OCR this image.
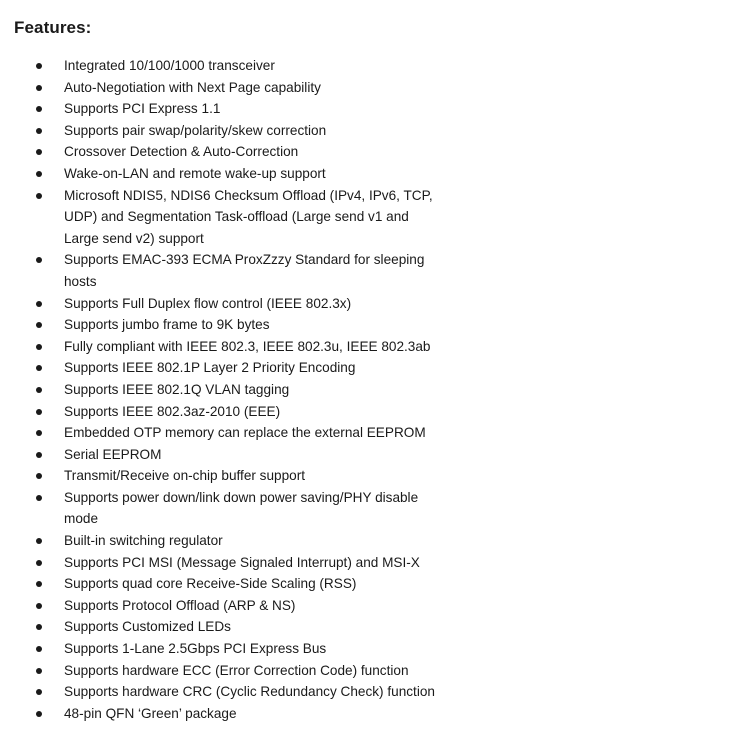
Features:
Integrated 10/100/1000 transceiver
Auto-Negotiation with Next Page capability
Supports PCI Express 1.1
Supports pair swap/polarity/skew correction
Crossover Detection & Auto-Correction
Wake-on-LAN and remote wake-up support
Microsoft NDIS5, NDIS6 Checksum Offload (IPv4, IPv6, TCP,
UDP) and Segmentation Task-offload (Large send v1 and
Large send v2) support
Supports EMAC-393 ECMA ProxZzzy Standard for sleeping
hosts
Supports Full Duplex flow control (IEEE 802.3x)
Supports jumbo frame to 9K bytes
Fully compliant with IEEE 802.3, IEEE 802.3u, IEEE 802.3ab
Supports IEEE 802.1P Layer 2 Priority Encoding
Supports IEEE 802.1Q VLAN tagging
Supports IEEE 802.3az-2010 (EEE)
Embedded OTP memory can replace the external EEPROM
Serial EEPROM
Transmit/Receive on-chip buffer support
Supports power down/link down power saving/PHY disable
mode
Built-in switching regulator
Supports PCI MSI (Message Signaled Interrupt) and MSI-X
Supports quad core Receive-Side Scaling (RSS)
Supports Protocol Offload (ARP & NS)
Supports Customized LEDs
Supports 1-Lane 2.5Gbps PCI Express Bus
Supports hardware ECC (Error Correction Code) function
Supports hardware CRC (Cyclic Redundancy Check) function
48-pin QFN ‘Green’ package
